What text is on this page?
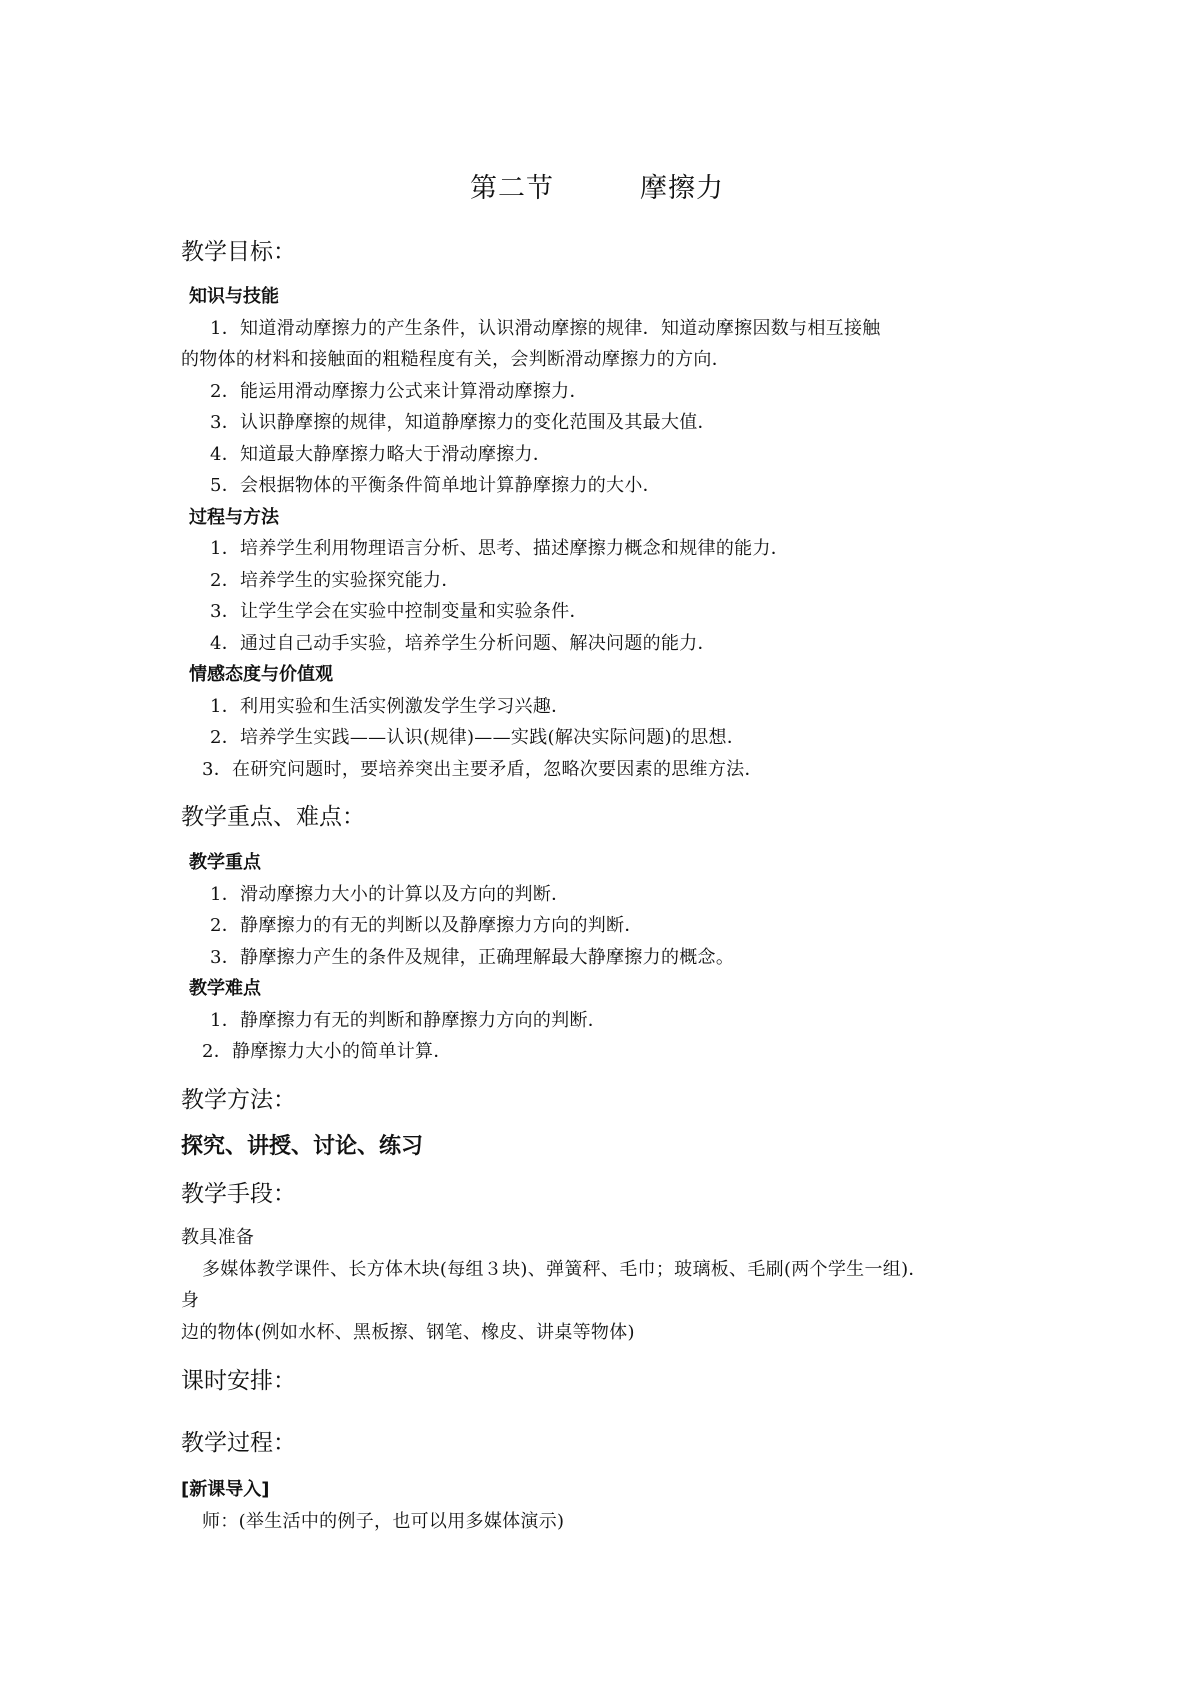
第二节	摩擦力
教学目标：
知识与技能
1．知道滑动摩擦力的产生条件，认识滑动摩擦的规律．知道动摩擦因数与相互接触
的物体的材料和接触面的粗糙程度有关，会判断滑动摩擦力的方向．
2．能运用滑动摩擦力公式来计算滑动摩擦力．
3．认识静摩擦的规律，知道静摩擦力的变化范围及其最大值．
4．知道最大静摩擦力略大于滑动摩擦力．
5．会根据物体的平衡条件简单地计算静摩擦力的大小．
过程与方法
1．培养学生利用物理语言分析、思考、描述摩擦力概念和规律的能力．
2．培养学生的实验探究能力．
3．让学生学会在实验中控制变量和实验条件．
4．通过自己动手实验，培养学生分析问题、解决问题的能力．
情感态度与价值观
1．利用实验和生活实例激发学生学习兴趣．
2．培养学生实践——认识(规律)——实践(解决实际问题)的思想．
3．在研究问题时，要培养突出主要矛盾，忽略次要因素的思维方法．
教学重点、难点：
教学重点
1．滑动摩擦力大小的计算以及方向的判断．
2．静摩擦力的有无的判断以及静摩擦力方向的判断．
3．静摩擦力产生的条件及规律，正确理解最大静摩擦力的概念。
教学难点
1．静摩擦力有无的判断和静摩擦力方向的判断．
2．静摩擦力大小的简单计算．
教学方法：
探究、讲授、讨论、练习
教学手段：
教具准备
多媒体教学课件、长方体木块(每组３块)、弹簧秤、毛巾；玻璃板、毛刷(两个学生一组)．
身
边的物体(例如水杯、黑板擦、钢笔、橡皮、讲桌等物体)
课时安排：
教学过程：
[新课导入]
师：(举生活中的例子，也可以用多媒体演示)
